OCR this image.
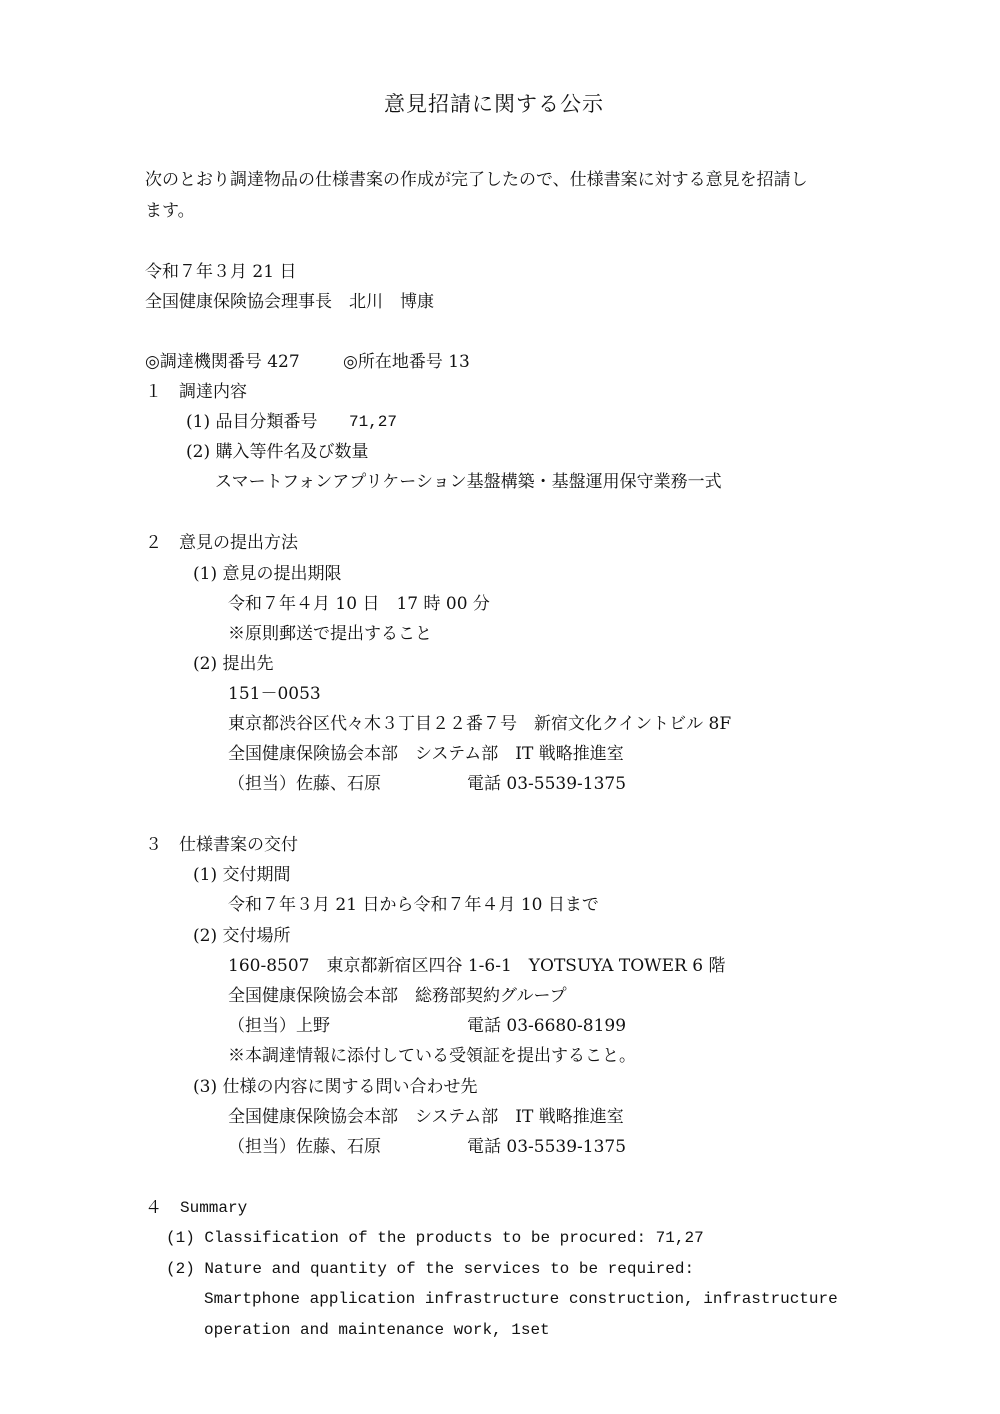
意見招請に関する公示
次のとおり調達物品の仕様書案の作成が完了したので、仕様書案に対する意見を招請し
ます。
令和７年３月 21 日
全国健康保険協会理事長　北川　博康
◎調達機関番号 427	◎所在地番号 13
１　調達内容
(1) 品目分類番号 71,27
(2) 購入等件名及び数量
スマートフォンアプリケーション基盤構築・基盤運用保守業務一式
２　意見の提出方法
(1) 意見の提出期限
令和７年４月 10 日　17 時 00 分
※原則郵送で提出すること
(2) 提出先
151－0053
東京都渋谷区代々木３丁目２２番７号　新宿文化クイントビル 8F
全国健康保険協会本部　システム部　IT 戦略推進室
（担当）佐藤、石原	電話 03-5539-1375
３　仕様書案の交付
(1) 交付期間
令和７年３月 21 日から令和７年４月 10 日まで
(2) 交付場所
160-8507　東京都新宿区四谷 1-6-1　YOTSUYA TOWER 6 階
全国健康保険協会本部　総務部契約グループ
（担当）上野	電話 03-6680-8199
※本調達情報に添付している受領証を提出すること。
(3) 仕様の内容に関する問い合わせ先
全国健康保険協会本部　システム部　IT 戦略推進室
（担当）佐藤、石原	電話 03-5539-1375
４ Summary
(1) Classification of the products to be procured: 71,27
(2) Nature and quantity of the services to be required:
Smartphone application infrastructure construction, infrastructure
operation and maintenance work, 1set
